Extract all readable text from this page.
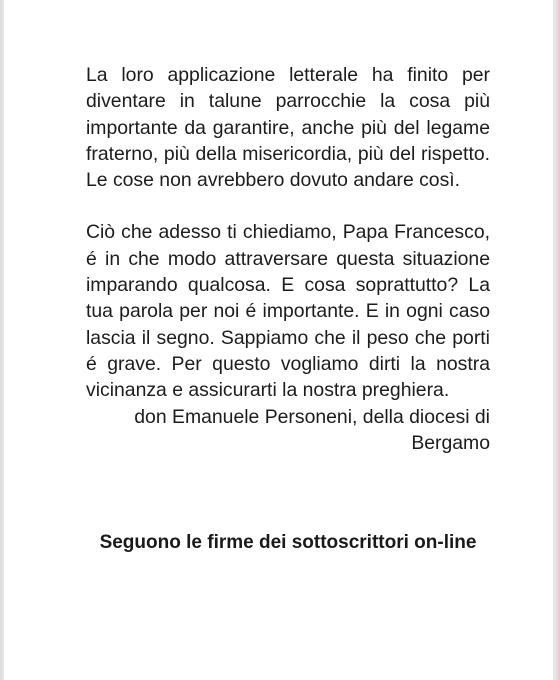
La loro applicazione letterale ha finito per diventare in talune parrocchie la cosa più importante da garantire, anche più del legame fraterno, più della misericordia, più del rispetto. Le cose non avrebbero dovuto andare così.

Ciò che adesso ti chiediamo, Papa Francesco, é in che modo attraversare questa situazione imparando qualcosa. E cosa soprattutto? La tua parola per noi é importante. E in ogni caso lascia il segno. Sappiamo che il peso che porti é grave. Per questo vogliamo dirti la nostra vicinanza e assicurarti la nostra preghiera.

don Emanuele Personeni, della diocesi di Bergamo

Seguono le firme dei sottoscrittori on-line
